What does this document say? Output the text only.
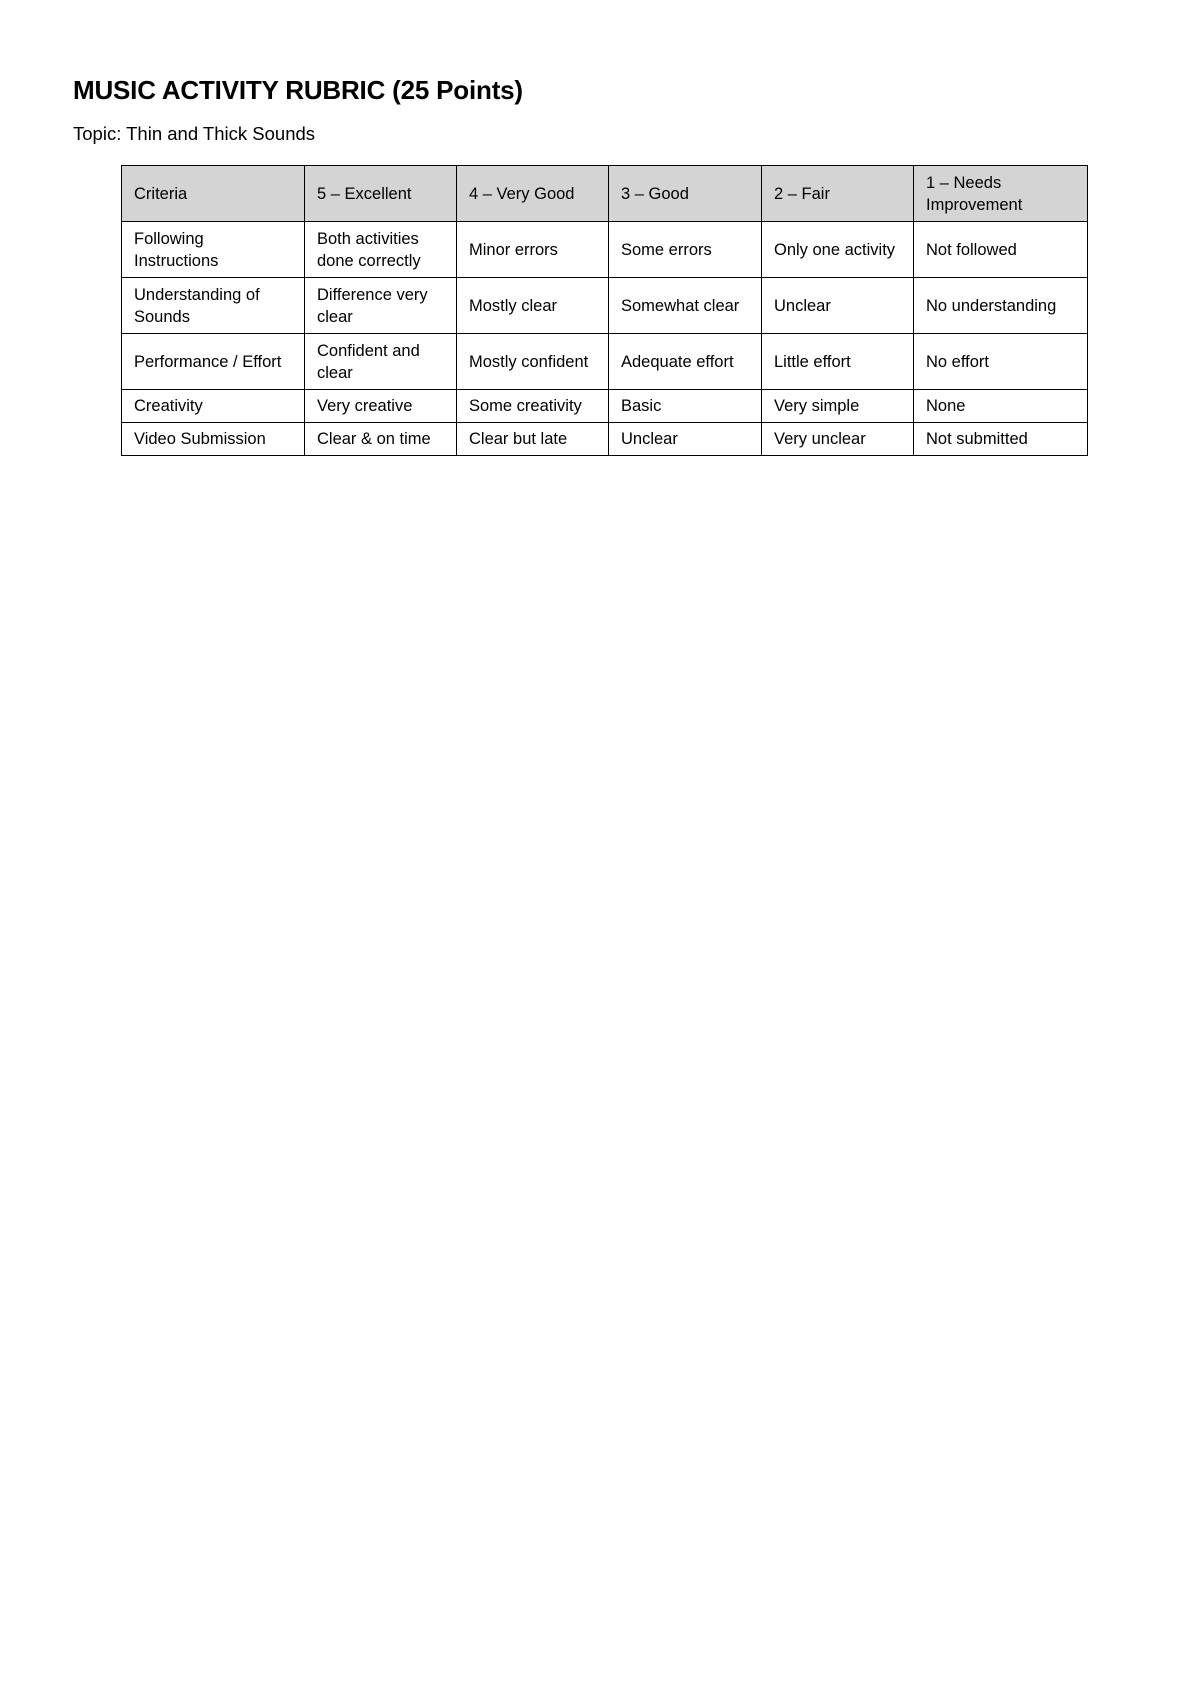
MUSIC ACTIVITY RUBRIC (25 Points)

Topic: Thin and Thick Sounds

Criteria	5 – Excellent	4 – Very Good	3 – Good	2 – Fair	1 – Needs Improvement
Following Instructions	Both activities done correctly	Minor errors	Some errors	Only one activity	Not followed
Understanding of Sounds	Difference very clear	Mostly clear	Somewhat clear	Unclear	No understanding
Performance / Effort	Confident and clear	Mostly confident	Adequate effort	Little effort	No effort
Creativity	Very creative	Some creativity	Basic	Very simple	None
Video Submission	Clear & on time	Clear but late	Unclear	Very unclear	Not submitted
